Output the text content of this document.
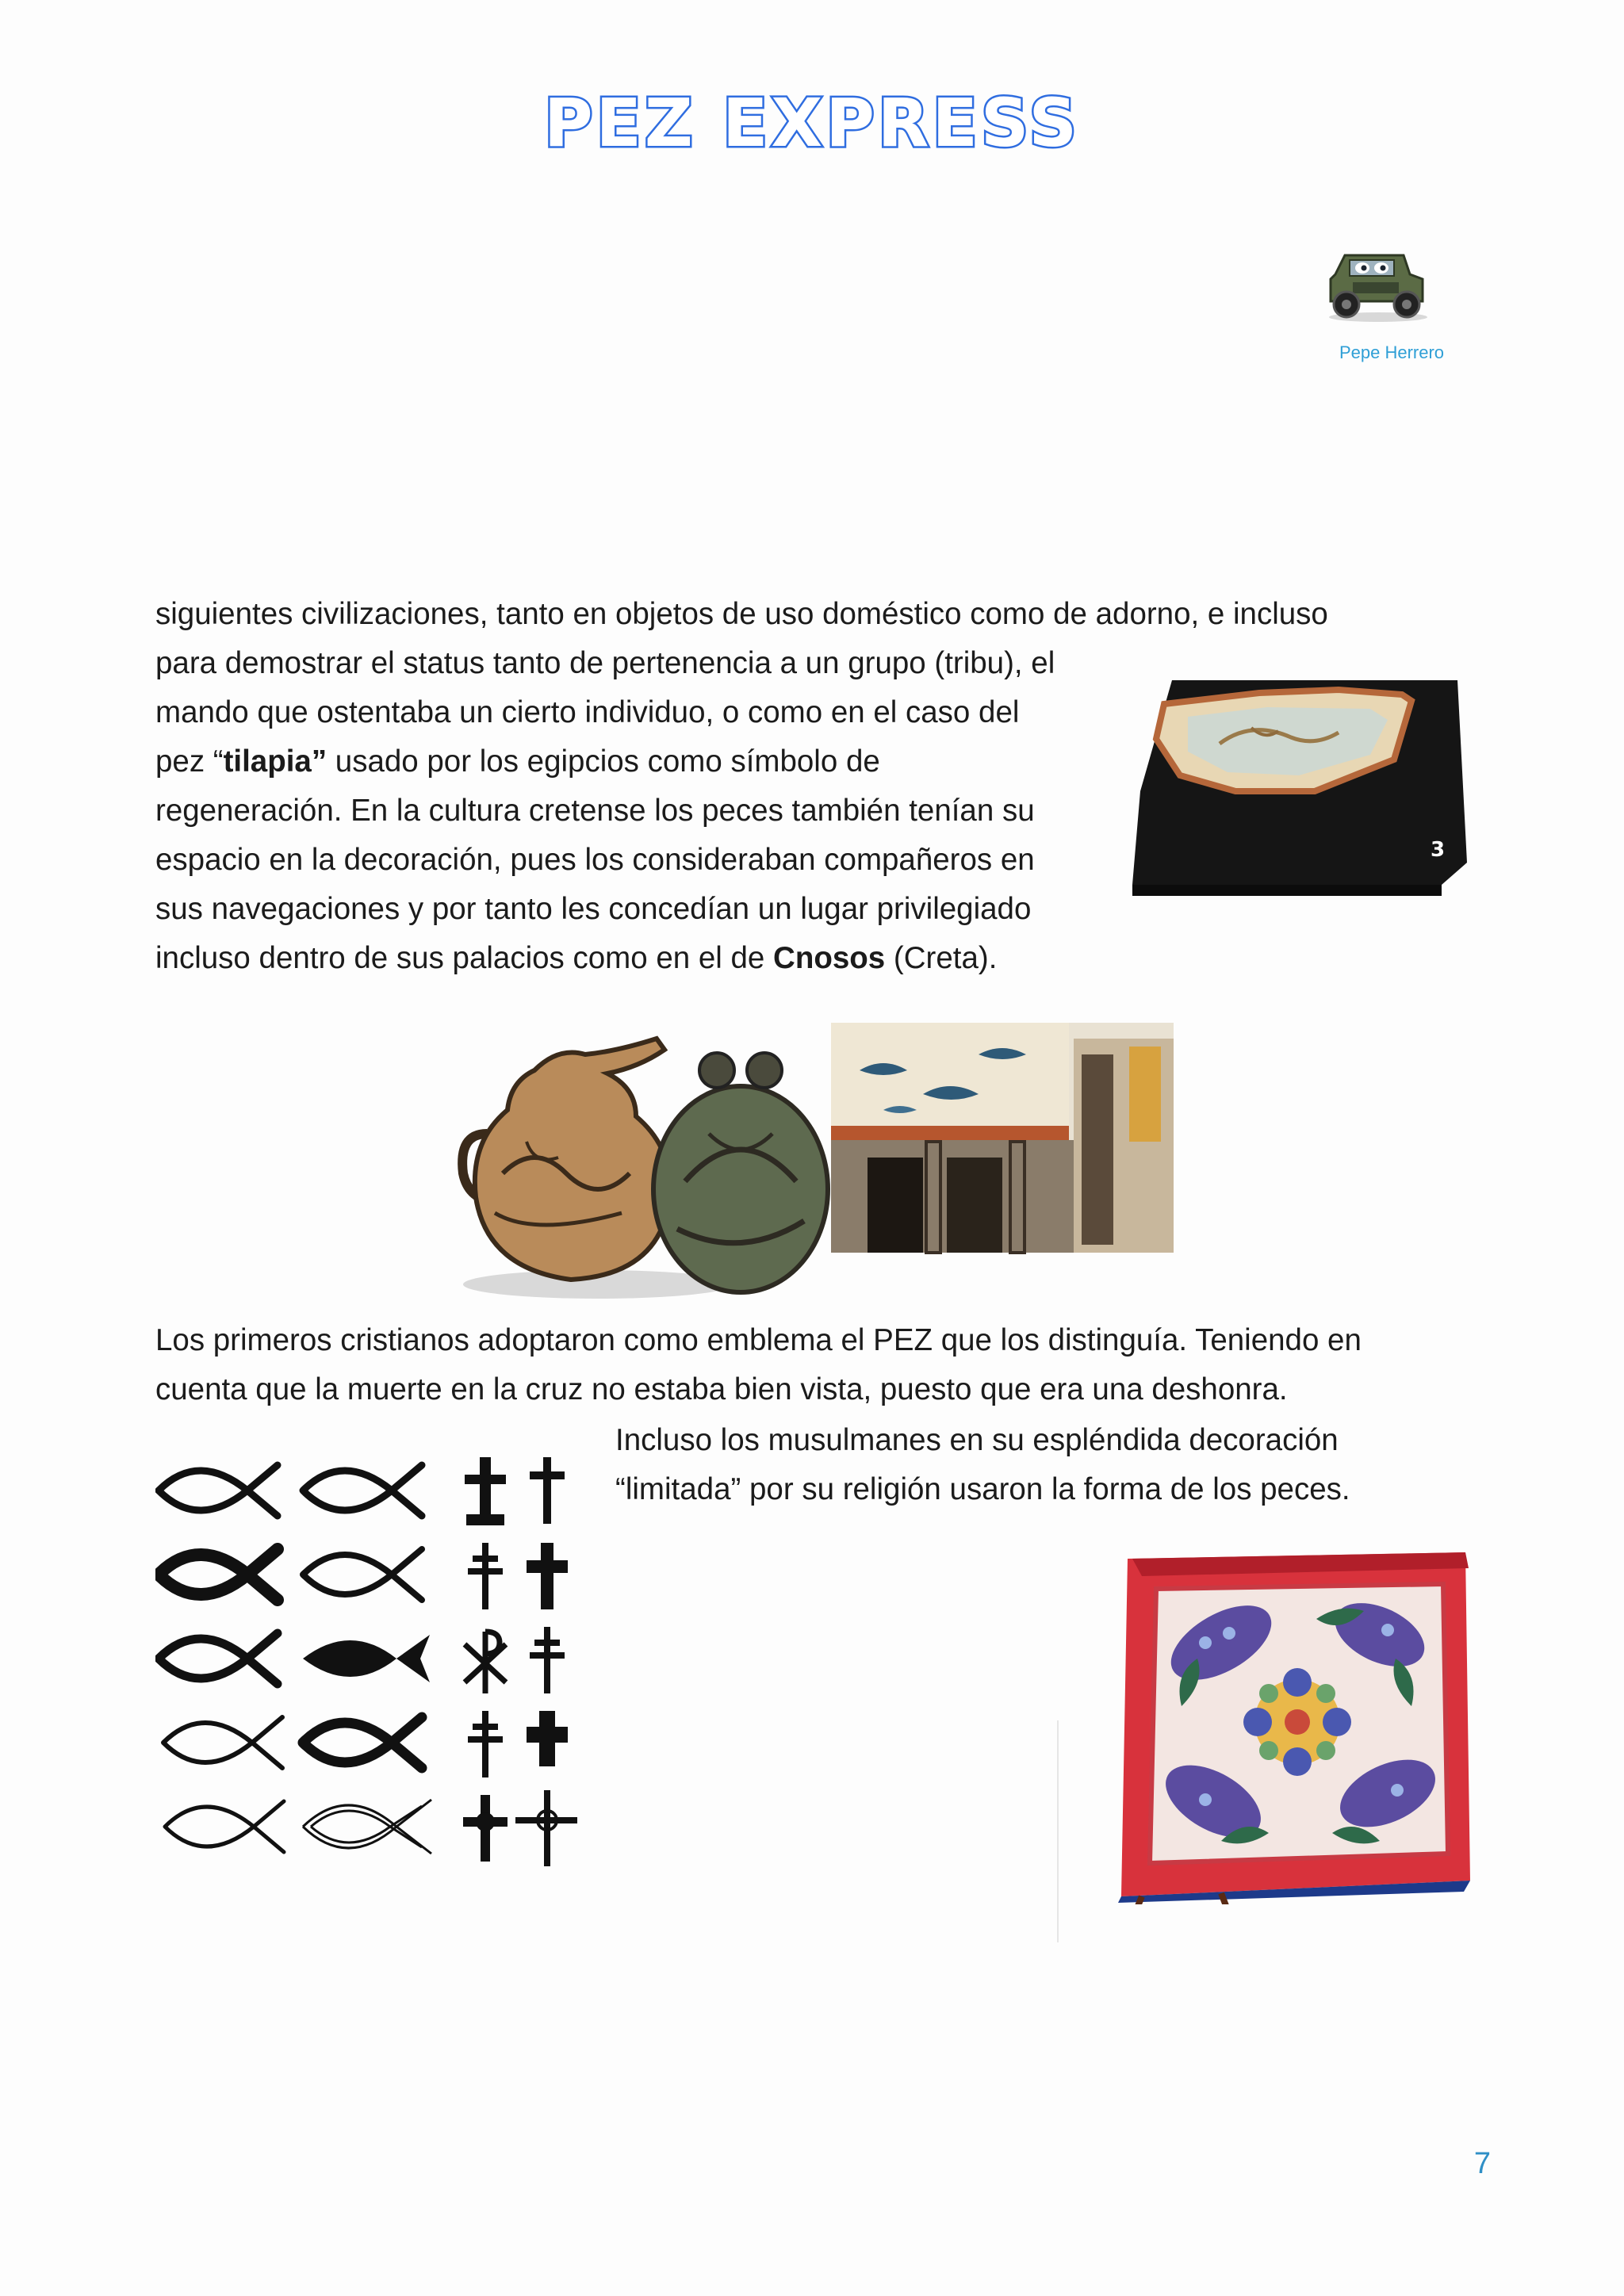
PEZ EXPRESS
Pepe Herrero
siguientes civilizaciones, tanto en objetos de uso doméstico como de adorno, e incluso
para demostrar el status tanto de pertenencia a un grupo (tribu), el
mando que ostentaba un cierto individuo, o como en el caso del
pez “tilapia” usado por los egipcios como símbolo de
regeneración. En la cultura cretense los peces también tenían su
espacio en la decoración, pues los consideraban compañeros en
sus navegaciones y por tanto les concedían un lugar privilegiado
incluso dentro de sus palacios como en el de Cnosos (Creta).
3
Los primeros cristianos adoptaron como emblema el PEZ que los distinguía. Teniendo en
cuenta que la muerte en la cruz no estaba bien vista, puesto que era una deshonra.
Incluso los musulmanes en su espléndida decoración
“limitada” por su religión usaron la forma de los peces.
7
